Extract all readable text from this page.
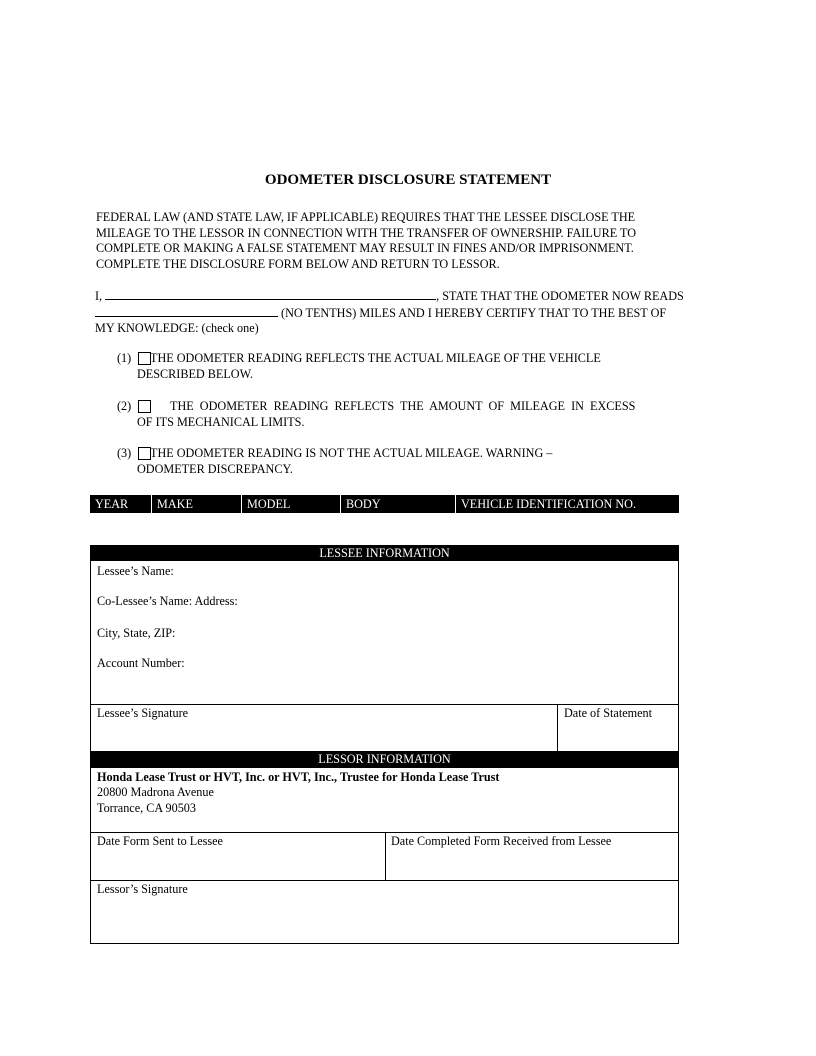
ODOMETER DISCLOSURE STATEMENT
FEDERAL LAW (AND STATE LAW, IF APPLICABLE) REQUIRES THAT THE LESSEE DISCLOSE THE
MILEAGE TO THE LESSOR IN CONNECTION WITH THE TRANSFER OF OWNERSHIP. FAILURE TO
COMPLETE OR MAKING A FALSE STATEMENT MAY RESULT IN FINES AND/OR IMPRISONMENT.
COMPLETE THE DISCLOSURE FORM BELOW AND RETURN TO LESSOR.
I,	, STATE THAT THE ODOMETER NOW READS
(NO TENTHS) MILES AND I HEREBY CERTIFY THAT TO THE BEST OF
MY KNOWLEDGE: (check one)
(1) THE ODOMETER READING REFLECTS THE ACTUAL MILEAGE OF THE VEHICLE
DESCRIBED BELOW.
(2) THE  ODOMETER  READING  REFLECTS  THE  AMOUNT  OF  MILEAGE  IN  EXCESS
OF ITS MECHANICAL LIMITS.
(3) THE ODOMETER READING IS NOT THE ACTUAL MILEAGE. WARNING –
ODOMETER DISCREPANCY.
YEAR	MAKE	MODEL	BODY	VEHICLE IDENTIFICATION NO.
LESSEE INFORMATION
Lessee’s Name:
Co-Lessee’s Name: Address:
City, State, ZIP:
Account Number:
Lessee’s Signature	Date of Statement
LESSOR INFORMATION
Honda Lease Trust or HVT, Inc. or HVT, Inc., Trustee for Honda Lease Trust
20800 Madrona Avenue
Torrance, CA 90503
Date Form Sent to Lessee	Date Completed Form Received from Lessee
Lessor’s Signature
